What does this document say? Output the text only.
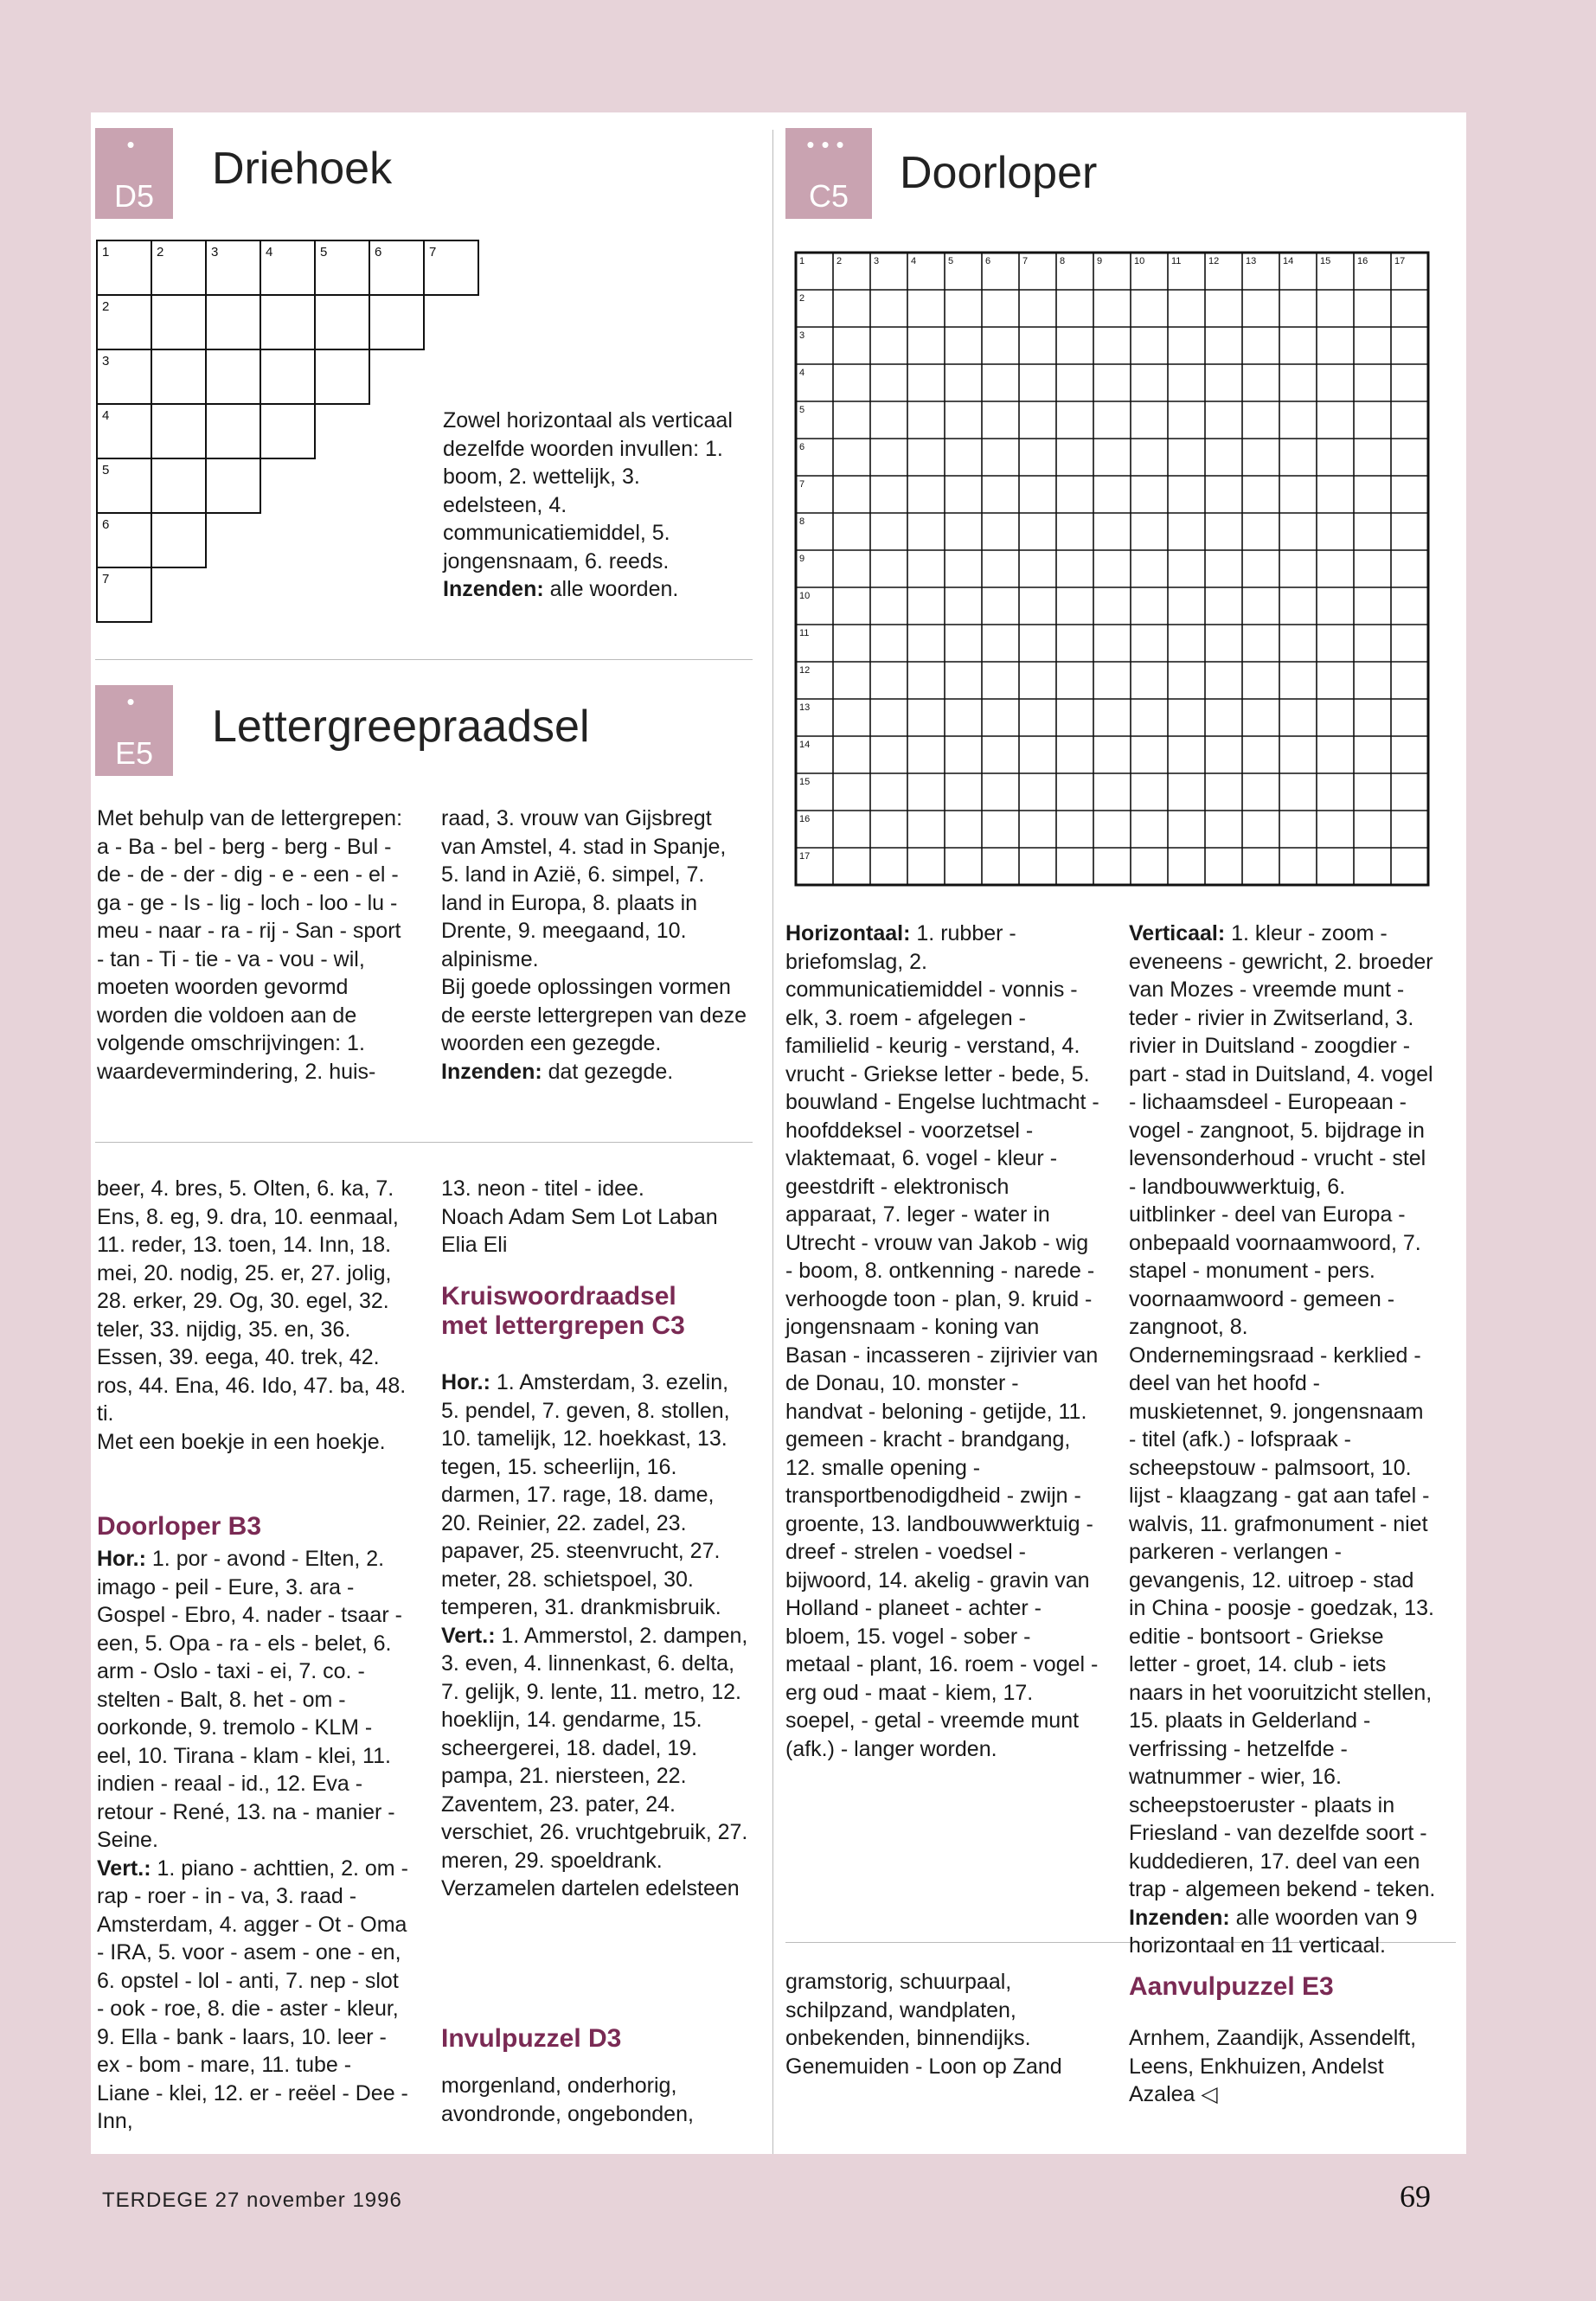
•
D5
Driehoek
1	2	3	4	5	6	7
2
3
4
5
6
7

Zowel horizontaal als verticaal dezelfde woorden invullen: 1. boom, 2. wettelijk, 3. edelsteen, 4. communicatiemiddel, 5. jongensnaam, 6. reeds.

Inzenden: alle woorden.

•
E5
Lettergreepraadsel
Met behulp van de lettergrepen: a - Ba - bel - berg - berg - Bul - de - de - der - dig - e - een - el - ga - ge - Is - lig - loch - loo - lu - meu - naar - ra - rij - San - sport - tan - Ti - tie - va - vou - wil, moeten woorden gevormd worden die voldoen aan de volgende omschrijvingen: 1. waardevermindering, 2. huis-

raad, 3. vrouw van Gijsbregt van Amstel, 4. stad in Spanje, 5. land in Azië, 6. simpel, 7. land in Europa, 8. plaats in Drente, 9. meegaand, 10. alpinisme.

Bij goede oplossingen vormen de eerste lettergrepen van deze woorden een gezegde.

Inzenden: dat gezegde.

beer, 4. bres, 5. Olten, 6. ka, 7. Ens, 8. eg, 9. dra, 10. eenmaal, 11. reder, 13. toen, 14. Inn, 18. mei, 20. nodig, 25. er, 27. jolig, 28. erker, 29. Og, 30. egel, 32. teler, 33. nijdig, 35. en, 36. Essen, 39. eega, 40. trek, 42. ros, 44. Ena, 46. Ido, 47. ba, 48. ti.

Met een boekje in een hoekje.

Doorloper B3

Hor.: 1. por - avond - Elten, 2. imago - peil - Eure, 3. ara - Gospel - Ebro, 4. nader - tsaar - een, 5. Opa - ra - els - belet, 6. arm - Oslo - taxi - ei, 7. co. - stelten - Balt, 8. het - om - oorkonde, 9. tremolo - KLM - eel, 10. Tirana - klam - klei, 11. indien - reaal - id., 12. Eva - retour - René, 13. na - manier - Seine.

Vert.: 1. piano - achttien, 2. om - rap - roer - in - va, 3. raad - Amsterdam, 4. agger - Ot - Oma - IRA, 5. voor - asem - one - en, 6. opstel - lol - anti, 7. nep - slot - ook - roe, 8. die - aster - kleur, 9. Ella - bank - laars, 10. leer - ex - bom - mare, 11. tube - Liane - klei, 12. er - reëel - Dee - Inn,

13. neon - titel - idee.

Noach Adam Sem Lot Laban Elia Eli

Kruiswoordraadsel met lettergrepen C3

Hor.: 1. Amsterdam, 3. ezelin, 5. pendel, 7. geven, 8. stollen, 10. tamelijk, 12. hoekkast, 13. tegen, 15. scheerlijn, 16. darmen, 17. rage, 18. dame, 20. Reinier, 22. zadel, 23. papaver, 25. steenvrucht, 27. meter, 28. schietspoel, 30. temperen, 31. drankmisbruik.

Vert.: 1. Ammerstol, 2. dampen, 3. even, 4. linnenkast, 6. delta, 7. gelijk, 9. lente, 11. metro, 12. hoeklijn, 14. gendarme, 15. scheergerei, 18. dadel, 19. pampa, 21. niersteen, 22. Zaventem, 23. pater, 24. verschiet, 26. vruchtgebruik, 27. meren, 29. spoeldrank.

Verzamelen dartelen edelsteen

Invulpuzzel D3
morgenland, onderhorig, avondronde, ongebonden,
•••
C5	Doorloper
1	2
2
3
3
4
4
5
5
6
6
7
7
8
8
9
9
10
10
11
11
12
12
13
13
14
14
15
15
16
16
17
17

Horizontaal: 1. rubber - briefomslag, 2. communicatiemiddel - vonnis - elk, 3. roem - afgelegen - familielid - keurig - verstand, 4. vrucht - Griekse letter - bede, 5. bouwland - Engelse luchtmacht - hoofddeksel - voorzetsel - vlaktemaat, 6. vogel - kleur - geestdrift - elektronisch apparaat, 7. leger - water in Utrecht - vrouw van Jakob - wig - boom, 8. ontkenning - narede - verhoogde toon - plan, 9. kruid - jongensnaam - koning van Basan - incasseren - zijrivier van de Donau, 10. monster - handvat - beloning - getijde, 11. gemeen - kracht - brandgang, 12. smalle opening - transportbenodigdheid - zwijn - groente, 13. landbouwwerktuig - dreef - strelen - voedsel - bijwoord, 14. akelig - gravin van Holland - planeet - achter - bloem, 15. vogel - sober - metaal - plant, 16. roem - vogel - erg oud - maat - kiem, 17. soepel, - getal - vreemde munt (afk.) - langer worden.

Verticaal: 1. kleur - zoom - eveneens - gewricht, 2. broeder van Mozes - vreemde munt - teder - rivier in Zwitserland, 3. rivier in Duitsland - zoogdier - part - stad in Duitsland, 4. vogel - lichaamsdeel - Europeaan - vogel - zangnoot, 5. bijdrage in levensonderhoud - vrucht - stel - landbouwwerktuig, 6. uitblinker - deel van Europa - onbepaald voornaamwoord, 7. stapel - monument - pers. voornaamwoord - gemeen - zangnoot, 8. Ondernemingsraad - kerklied - deel van het hoofd - muskietennet, 9. jongensnaam - titel (afk.) - lofspraak - scheepstouw - palmsoort, 10. lijst - klaagzang - gat aan tafel - walvis, 11. grafmonument - niet parkeren - verlangen - gevangenis, 12. uitroep - stad in China - poosje - goedzak, 13. editie - bontsoort - Griekse letter - groet, 14. club - iets naars in het vooruitzicht stellen, 15. plaats in Gelderland - verfrissing - hetzelfde - watnummer - wier, 16. scheepstoeruster - plaats in Friesland - van dezelfde soort - kuddedieren, 17. deel van een trap - algemeen bekend - teken.

Inzenden: alle woorden van 9 horizontaal en 11 verticaal.

gramstorig, schuurpaal, schilpzand, wandplaten, onbekenden, binnendijks.

Genemuiden - Loon op Zand

Aanvulpuzzel E3

Arnhem, Zaandijk, Assendelft, Leens, Enkhuizen, Andelst

Azalea ◁

TERDEGE 27 november 1996	69
